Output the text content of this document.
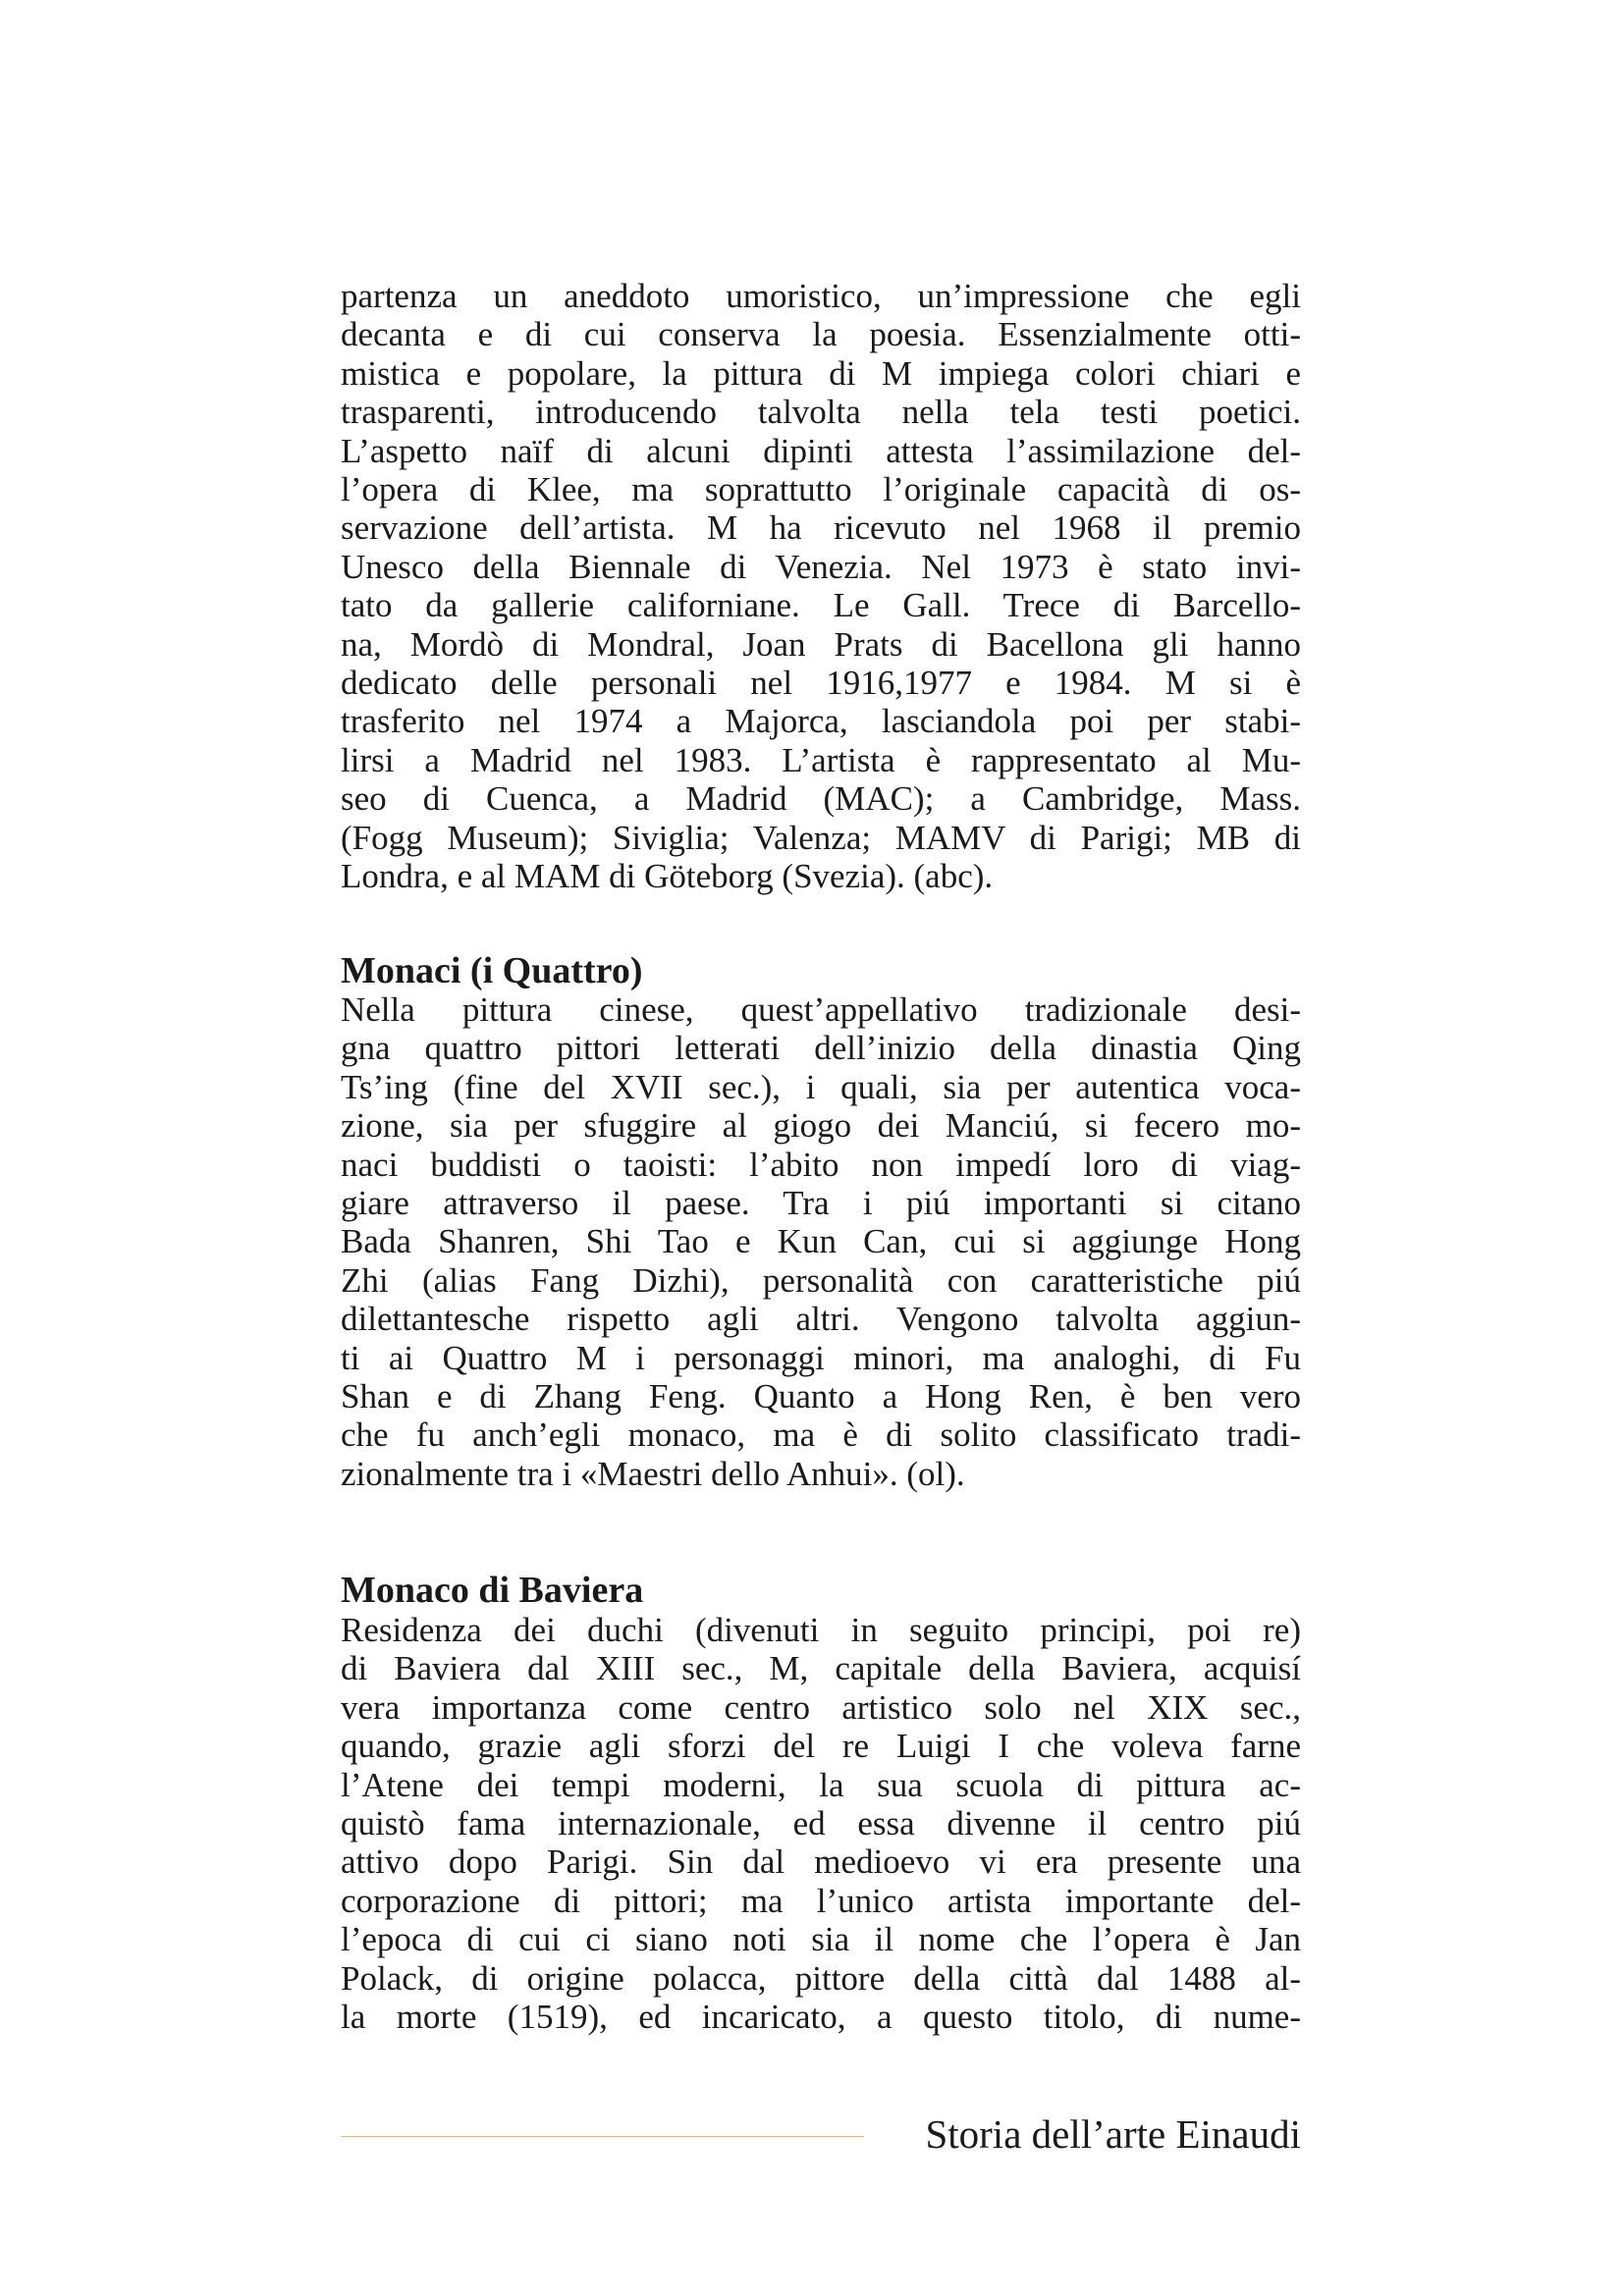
partenza un aneddoto umoristico, un’impressione che egli
decanta e di cui conserva la poesia. Essenzialmente otti-
mistica e popolare, la pittura di M impiega colori chiari e
trasparenti, introducendo talvolta nella tela testi poetici.
L’aspetto naïf di alcuni dipinti attesta l’assimilazione del-
l’opera di Klee, ma soprattutto l’originale capacità di os-
servazione dell’artista. M ha ricevuto nel 1968 il premio
Unesco della Biennale di Venezia. Nel 1973 è stato invi-
tato da gallerie californiane. Le Gall. Trece di Barcello-
na, Mordò di Mondral, Joan Prats di Bacellona gli hanno
dedicato delle personali nel 1916,1977 e 1984. M si è
trasferito nel 1974 a Majorca, lasciandola poi per stabi-
lirsi a Madrid nel 1983. L’artista è rappresentato al Mu-
seo di Cuenca, a Madrid (MAC); a Cambridge, Mass.
(Fogg Museum); Siviglia; Valenza; MAMV di Parigi; MB di
Londra, e al MAM di Göteborg (Svezia). (abc).
Monaci (i Quattro)
Nella pittura cinese, quest’appellativo tradizionale desi-
gna quattro pittori letterati dell’inizio della dinastia Qing
Ts’ing (fine del XVII sec.), i quali, sia per autentica voca-
zione, sia per sfuggire al giogo dei Manciú, si fecero mo-
naci buddisti o taoisti: l’abito non impedí loro di viag-
giare attraverso il paese. Tra i piú importanti si citano
Bada Shanren, Shi Tao e Kun Can, cui si aggiunge Hong
Zhi (alias Fang Dizhi), personalità con caratteristiche piú
dilettantesche rispetto agli altri. Vengono talvolta aggiun-
ti ai Quattro M i personaggi minori, ma analoghi, di Fu
Shan e di Zhang Feng. Quanto a Hong Ren, è ben vero
che fu anch’egli monaco, ma è di solito classificato tradi-
zionalmente tra i «Maestri dello Anhui». (ol).
Monaco di Baviera
Residenza dei duchi (divenuti in seguito principi, poi re)
di Baviera dal XIII sec., M, capitale della Baviera, acquisí
vera importanza come centro artistico solo nel XIX sec.,
quando, grazie agli sforzi del re Luigi I che voleva farne
l’Atene dei tempi moderni, la sua scuola di pittura ac-
quistò fama internazionale, ed essa divenne il centro piú
attivo dopo Parigi. Sin dal medioevo vi era presente una
corporazione di pittori; ma l’unico artista importante del-
l’epoca di cui ci siano noti sia il nome che l’opera è Jan
Polack, di origine polacca, pittore della città dal 1488 al-
la morte (1519), ed incaricato, a questo titolo, di nume-
Storia dell’arte Einaudi
